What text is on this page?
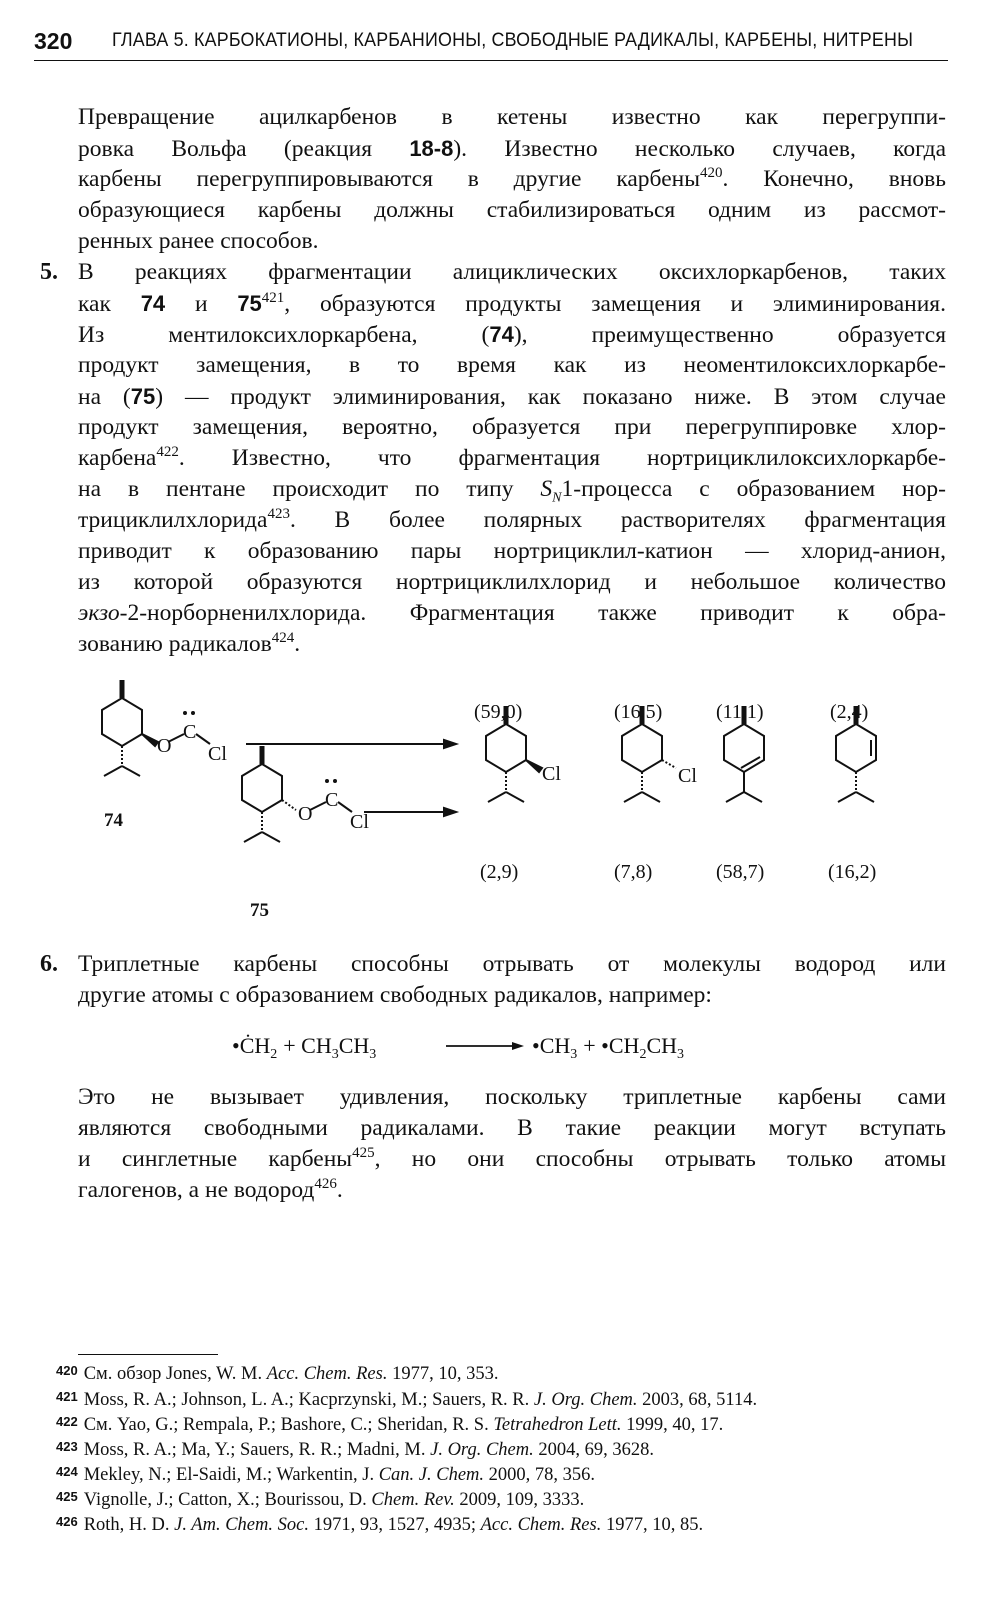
320 ГЛАВА 5. КАРБОКАТИОНЫ, КАРБАНИОНЫ, СВОБОДНЫЕ РАДИКАЛЫ, КАРБЕНЫ, НИТРЕНЫ
Превращение ацилкарбенов в кетены известно как перегруппи-
ровка Вольфа (реакция 18-8). Известно несколько случаев, когда
карбены перегруппировываются в другие карбены$^{420}$. Конечно, вновь
образующиеся карбены должны стабилизироваться одним из рассмот-
ренных ранее способов.
5. В реакциях фрагментации алициклических оксихлоркарбенов, таких
как 74 и $75^{421}$, образуются продукты замещения и элиминирования.
Из ментилоксихлоркарбена, (74), преимущественно образуется
продукт замещения, в то время как из неоментилоксихлоркарбе-
на (75) — продукт элиминирования, как показано ниже. В этом случае
продукт замещения, вероятно, образуется при перегруппировке хлор-
карбена$^{422}$. Известно, что фрагментация нортрициклилоксихлоркарбе-
на в пентане происходит по типу $S_N1$-процесса с образованием нор-
трициклилхлорида$^{423}$. В более полярных растворителях фрагментация
приводит к образованию пары нортрициклил-катион — хлорид-анион,
из которой образуются нортрициклилхлорид и небольшое количество
экзо-2-норборненилхлорида. Фрагментация также приводит к обра-
зованию радикалов$^{424}$.
O
C
Cl
O
C
Cl
Cl	Cl
(59,0)	(16,5)	(11,1)	(2,4)
(2,9)	(7,8)	(58,7)	(16,2)
74
75
6. Триплетные карбены способны отрывать от молекулы водород или
другие атомы с образованием свободных радикалов, например:
$•ĊH_2 + CH_3CH_3$	$•CH_3$ + $•CH_2CH_3$
Это не вызывает удивления, поскольку триплетные карбены сами
являются свободными радикалами. В такие реакции могут вступать
и синглетные карбены$^{425}$, но они способны отрывать только атомы
галогенов, а не водород$^{426}$.
$^{420}$ См. обзор Jones, W. M. Acc. Chem. Res. 1977, 10, 353.
$^{421}$ Moss, R. A.; Johnson, L. A.; Kacprzynski, M.; Sauers, R. R. J. Org. Chem. 2003, 68, 5114.
$^{422}$ См. Yao, G.; Rempala, P.; Bashore, C.; Sheridan, R. S. Tetrahedron Lett. 1999, 40, 17.
$^{423}$ Moss, R. A.; Ma, Y.; Sauers, R. R.; Madni, M. J. Org. Chem. 2004, 69, 3628.
$^{424}$ Mekley, N.; El-Saidi, M.; Warkentin, J. Can. J. Chem. 2000, 78, 356.
$^{425}$ Vignolle, J.; Catton, X.; Bourissou, D. Chem. Rev. 2009, 109, 3333.
$^{426}$ Roth, H. D. J. Am. Chem. Soc. 1971, 93, 1527, 4935; Acc. Chem. Res. 1977, 10, 85.
